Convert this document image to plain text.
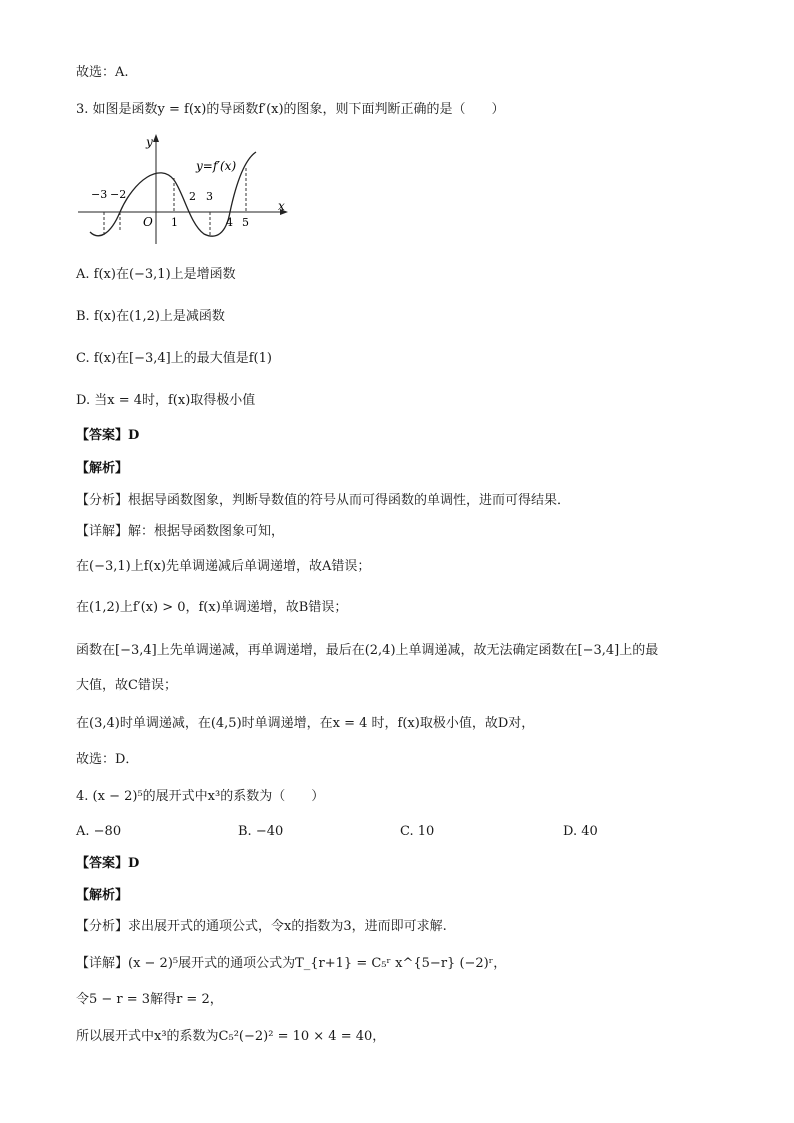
故选：A.
3. 如图是函数y = f(x)的导函数f′(x)的图象，则下面判断正确的是（　　）
y
x
O
y=f′(x)
−3 −2
1
2 3
4 5
A. f(x)在(−3,1)上是增函数
B. f(x)在(1,2)上是减函数
C. f(x)在[−3,4]上的最大值是f(1)
D. 当x = 4时，f(x)取得极小值
【答案】D
【解析】
【分析】根据导函数图象，判断导数值的符号从而可得函数的单调性，进而可得结果．
【详解】解：根据导函数图象可知，
在(−3,1)上f(x)先单调递减后单调递增，故A错误；
在(1,2)上f′(x) > 0，f(x)单调递增，故B错误；
函数在[−3,4]上先单调递减，再单调递增，最后在(2,4)上单调递减，故无法确定函数在[−3,4]上的最
大值，故C错误；
在(3,4)时单调递减，在(4,5)时单调递增，在x = 4 时，f(x)取极小值，故D对，
故选：D．
4. (x − 2)⁵的展开式中x³的系数为（　　）
A. −80	B. −40	C. 10	D. 40
【答案】D
【解析】
【分析】求出展开式的通项公式，令x的指数为3，进而即可求解.
【详解】(x − 2)⁵展开式的通项公式为T_{r+1} = C₅ʳ x^{5−r} (−2)ʳ，
令5 − r = 3解得r = 2，
所以展开式中x³的系数为C₅²(−2)² = 10 × 4 = 40，
